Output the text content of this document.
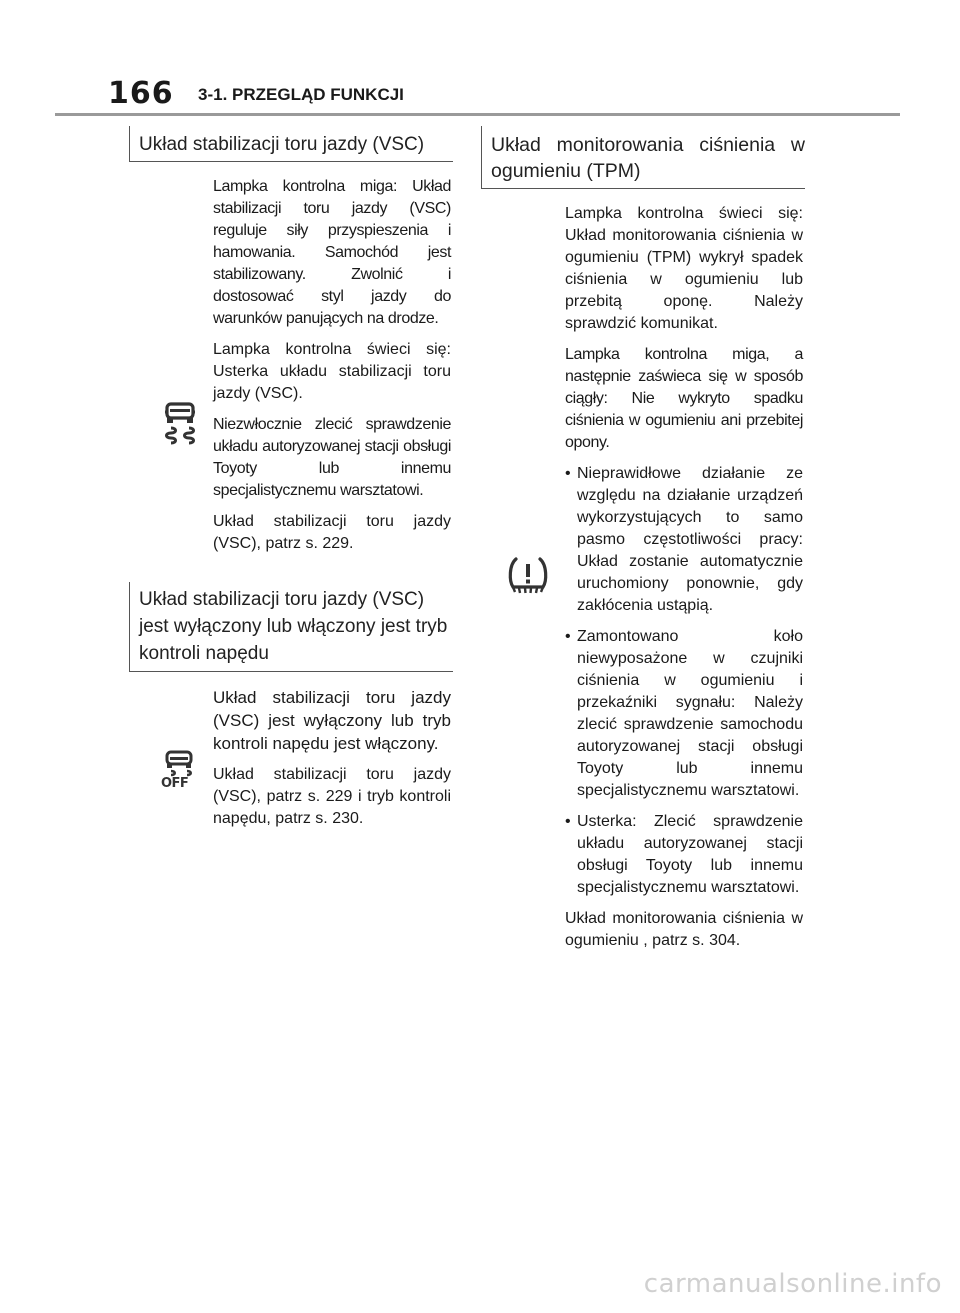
166 3-1. PRZEGLĄD FUNKCJI
Układ stabilizacji toru jazdy (VSC)

Lampka kontrolna miga: Układ stabilizacji toru jazdy (VSC) reguluje siły przyspieszenia i hamowania. Samochód jest stabilizowany. Zwolnić i dostosować styl jazdy do warunków panujących na drodze.

Lampka kontrolna świeci się: Usterka układu stabilizacji toru jazdy (VSC).

Niezwłocznie zlecić sprawdzenie układu autoryzowanej stacji obsługi Toyoty lub innemu specjalistycznemu warsztatowi.

Układ stabilizacji toru jazdy (VSC), patrz s. 229.

Układ stabilizacji toru jazdy (VSC) jest wyłączony lub włączony jest tryb kontroli napędu
OFF

Układ stabilizacji toru jazdy (VSC) jest wyłączony lub tryb kontroli napędu jest włączony.

Układ stabilizacji toru jazdy (VSC), patrz s. 229 i tryb kontroli napędu, patrz s. 230.

Układ monitorowania ciśnienia w ogumieniu (TPM)

Lampka kontrolna świeci się: Układ monitorowania ciśnienia w ogumieniu (TPM) wykrył spadek ciśnienia w ogumieniu lub przebitą oponę. Należy sprawdzić komunikat.

Lampka kontrolna miga, a następnie zaświeca się w sposób ciągły: Nie wykryto spadku ciśnienia w ogumieniu ani przebitej opony.

• Nieprawidłowe działanie ze względu na działanie urządzeń wykorzystujących to samo pasmo częstotliwości pracy: Układ zostanie automatycznie uruchomiony ponownie, gdy zakłócenia ustąpią.
• Zamontowano koło niewyposażone w czujniki ciśnienia w ogumieniu i przekaźniki sygnału: Należy zlecić sprawdzenie samochodu autoryzowanej stacji obsługi Toyoty lub innemu specjalistycznemu warsztatowi.
• Usterka: Zlecić sprawdzenie układu autoryzowanej stacji obsługi Toyoty lub innemu specjalistycznemu warsztatowi.

Układ monitorowania ciśnienia w ogumieniu , patrz s. 304.

carmanualsonline.info
